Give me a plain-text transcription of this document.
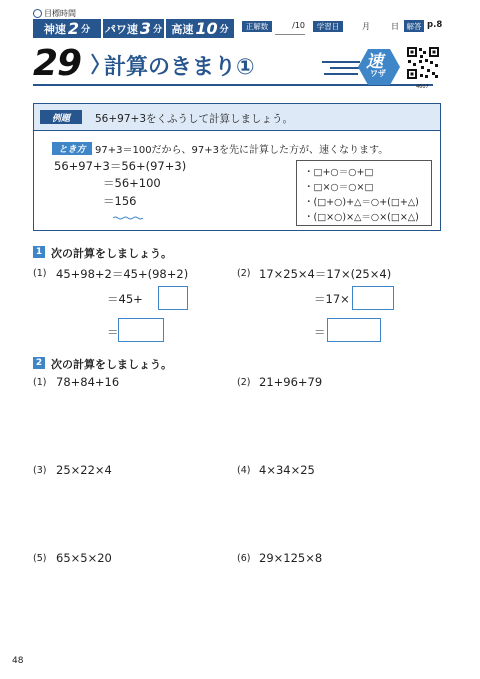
目標時間
神速 2 分 パワ速 3 分 高速 10 分 正解数	/10 学習日	月	日 解答 p.8
29 計算のきまり①	速
ワザ
4607
例題 56+97+3をくふうして計算しましょう。
とき方 97+3＝100だから、97+3を先に計算した方が、速くなります。
56+97+3＝56+(97+3)
＝56+100
＝156
・□+○＝○+□
・□×○＝○×□
・(□+○)+△＝○+(□+△)
・(□×○)×△＝○×(□×△)
1 次の計算をしましょう。
(1) 45+98+2＝45+(98+2)
＝45+
＝
(2) 17×25×4＝17×(25×4)
＝17×
＝
2 次の計算をしましょう。
(1) 78+84+16	(2) 21+96+79
(3) 25×22×4	(4) 4×34×25
(5) 65×5×20	(6) 29×125×8
48
